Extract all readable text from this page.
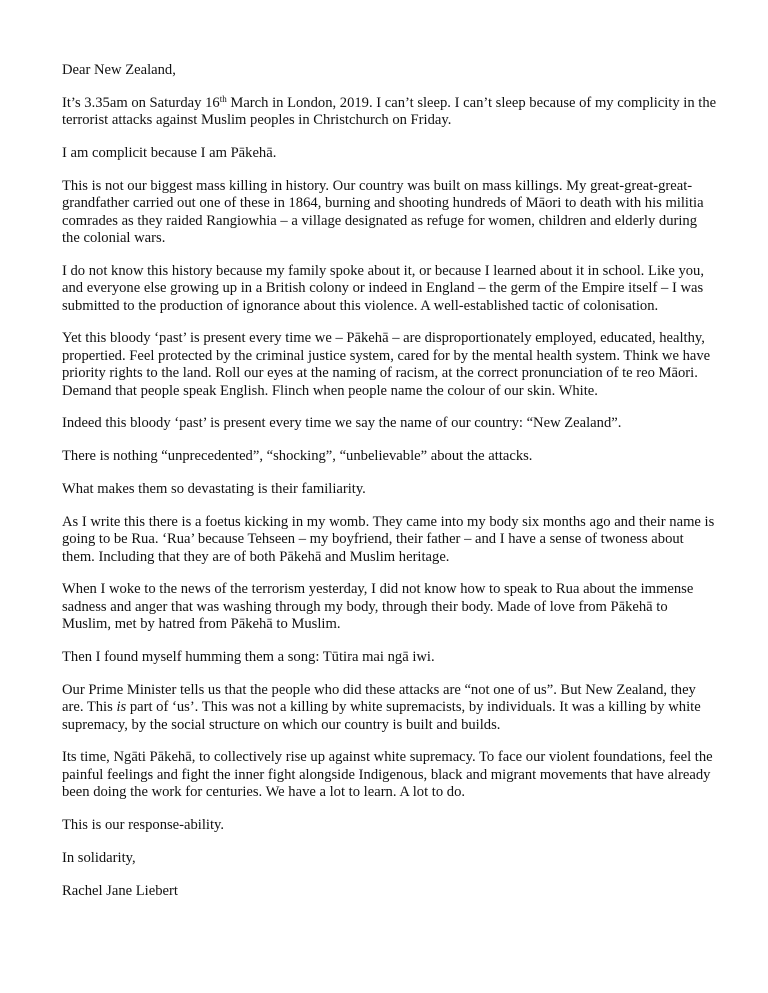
Dear New Zealand,

It’s 3.35am on Saturday 16th March in London, 2019. I can’t sleep. I can’t sleep because of my complicity in the terrorist attacks against Muslim peoples in Christchurch on Friday.

I am complicit because I am Pākehā.

This is not our biggest mass killing in history. Our country was built on mass killings. My great-great-great-grandfather carried out one of these in 1864, burning and shooting hundreds of Māori to death with his militia comrades as they raided Rangiowhia – a village designated as refuge for women, children and elderly during the colonial wars.

I do not know this history because my family spoke about it, or because I learned about it in school. Like you, and everyone else growing up in a British colony or indeed in England – the germ of the Empire itself – I was submitted to the production of ignorance about this violence. A well-established tactic of colonisation.

Yet this bloody ‘past’ is present every time we – Pākehā – are disproportionately employed, educated, healthy, propertied. Feel protected by the criminal justice system, cared for by the mental health system. Think we have priority rights to the land. Roll our eyes at the naming of racism, at the correct pronunciation of te reo Māori. Demand that people speak English. Flinch when people name the colour of our skin. White.

Indeed this bloody ‘past’ is present every time we say the name of our country: “New Zealand”.

There is nothing “unprecedented”, “shocking”, “unbelievable” about the attacks.

What makes them so devastating is their familiarity.

As I write this there is a foetus kicking in my womb. They came into my body six months ago and their name is going to be Rua. ‘Rua’ because Tehseen – my boyfriend, their father – and I have a sense of twoness about them. Including that they are of both Pākehā and Muslim heritage.

When I woke to the news of the terrorism yesterday, I did not know how to speak to Rua about the immense sadness and anger that was washing through my body, through their body. Made of love from Pākehā to Muslim, met by hatred from Pākehā to Muslim.

Then I found myself humming them a song: Tūtira mai ngā iwi.

Our Prime Minister tells us that the people who did these attacks are “not one of us”. But New Zealand, they are. This is part of ‘us’. This was not a killing by white supremacists, by individuals. It was a killing by white supremacy, by the social structure on which our country is built and builds.

Its time, Ngāti Pākehā, to collectively rise up against white supremacy. To face our violent foundations, feel the painful feelings and fight the inner fight alongside Indigenous, black and migrant movements that have already been doing the work for centuries. We have a lot to learn. A lot to do.

This is our response-ability.

In solidarity,

Rachel Jane Liebert
